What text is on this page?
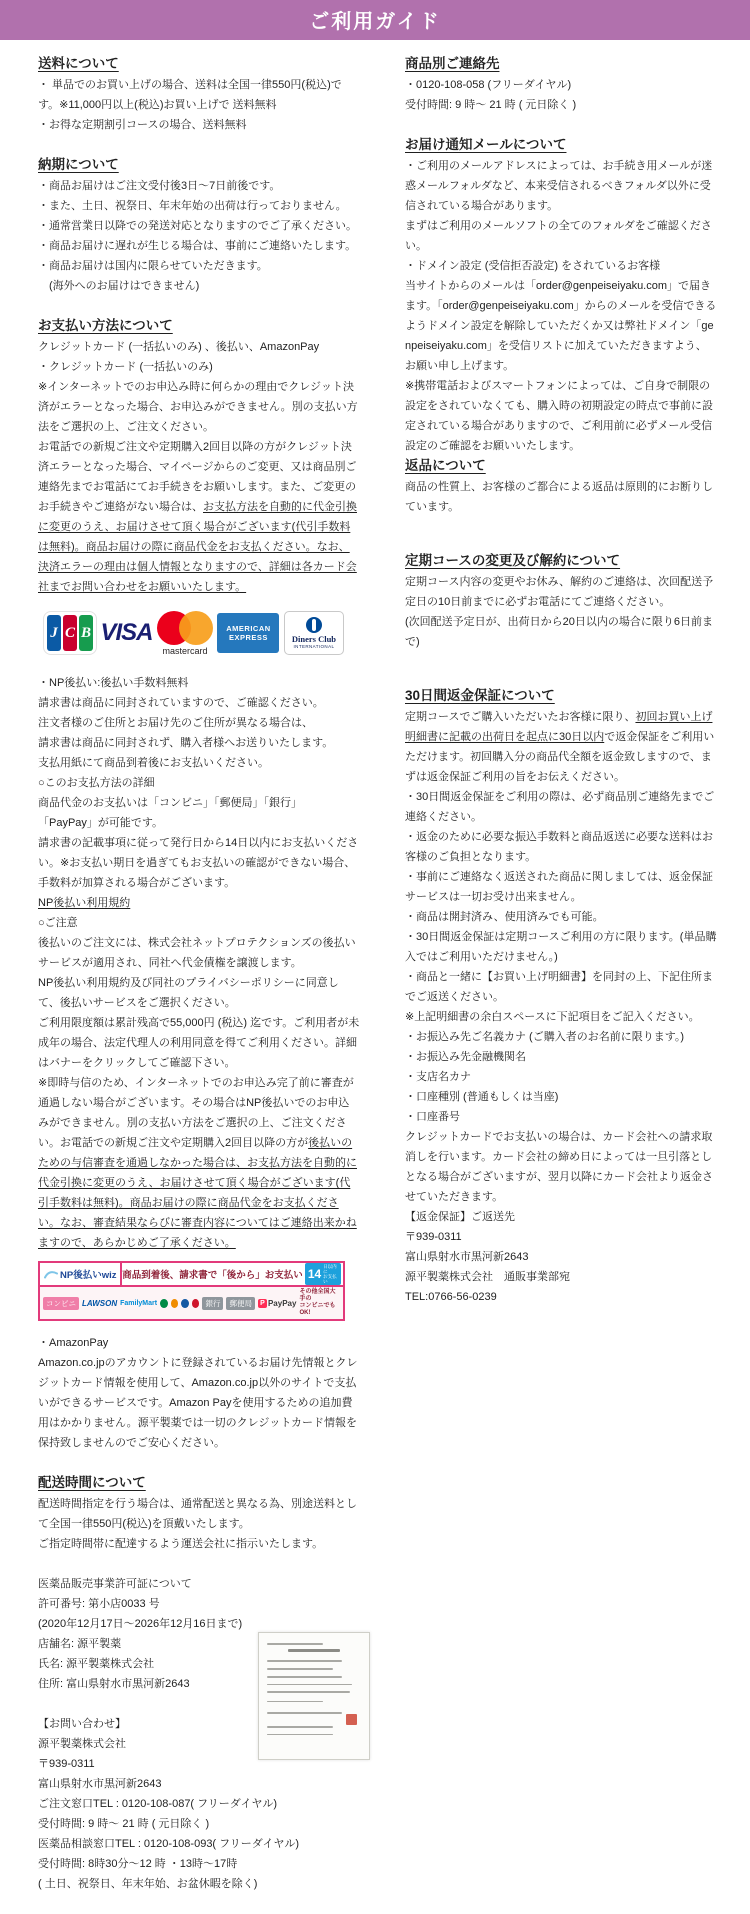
ご利用ガイド
送料について
・ 単品でのお買い上げの場合、送料は全国一律550円(税込)です。※11,000円以上(税込)お買い上げで 送料無料
・お得な定期割引コースの場合、送料無料
納期について
・商品お届けはご注文受付後3日〜7日前後です。
・また、土日、祝祭日、年末年始の出荷は行っておりません。
・通常営業日以降での発送対応となりますのでご了承ください。
・商品お届けに遅れが生じる場合は、事前にご連絡いたします。
・商品お届けは国内に限らせていただきます。
　(海外へのお届けはできません)
お支払い方法について
クレジットカード (一括払いのみ) 、後払い、AmazonPay
・クレジットカード (一括払いのみ)
※インターネットでのお申込み時に何らかの理由でクレジット決済がエラーとなった場合、お申込みができません。別の支払い方法をご選択の上、ご注文ください。

お電話での新規ご注文や定期購入2回目以降の方がクレジット決済エラーとなった場合、マイページからのご変更、又は商品別ご連絡先までお電話にてお手続きをお願いします。また、ご変更のお手続きやご連絡がない場合は、お支払方法を自動的に代金引換に変更のうえ、お届けさせて頂く場合がございます(代引手数料は無料)。商品お届けの際に商品代金をお支払ください。なお、決済エラーの理由は個人情報となりますので、詳細は各カード会社までお問い合わせをお願いいたします。

J C B VISA
mastercard
AMERICAN
EXPRESS	Diners Club
INTERNATIONAL
・NP後払い:後払い手数料無料
請求書は商品に同封されていますので、ご確認ください。
注文者様のご住所とお届け先のご住所が異なる場合は、
請求書は商品に同封されず、購入者様へお送りいたします。
支払用紙にて商品到着後にお支払いください。
○このお支払方法の詳細
商品代金のお支払いは「コンビニ」「郵便局」「銀行」
「PayPay」が可能です。
請求書の記載事項に従って発行日から14日以内にお支払いください。※お支払い期日を過ぎてもお支払いの確認ができない場合、手数料が加算される場合がございます。
NP後払い利用規約
○ご注意
後払いのご注文には、株式会社ネットプロテクションズの後払いサービスが適用され、同社へ代金債権を譲渡します。
NP後払い利用規約及び同社のプライバシーポリシーに同意して、後払いサービスをご選択ください。
ご利用限度額は累計残高で55,000円 (税込) 迄です。ご利用者が未成年の場合、法定代理人の利用同意を得てご利用ください。詳細はバナーをクリックしてご確認下さい。

※即時与信のため、インターネットでのお申込み完了前に審査が通過しない場合がございます。その場合はNP後払いでのお申込みができません。別の支払い方法をご選択の上、ご注文ください。お電話での新規ご注文や定期購入2回目以降の方が後払いのための与信審査を通過しなかった場合は、お支払方法を自動的に代金引換に変更のうえ、お届けさせて頂く場合がございます(代引手数料は無料)。商品お届けの際に商品代金をお支払ください。なお、審査結果ならびに審査内容についてはご連絡出来かねますので、あらかじめご了承ください。

NP後払いwiz 商品到着後、請求書で「後から」お支払い 14
日以内に
お支払い
コンビニ LAWSON FamilyMart	銀行	郵便局	P PayPay
その他全国大手の
コンビニでもOK!
・AmazonPay

Amazon.co.jpのアカウントに登録されているお届け先情報とクレジットカード情報を使用して、Amazon.co.jp以外のサイトで支払いができるサービスです。Amazon Payを使用するための追加費用はかかりません。源平製薬では一切のクレジットカード情報を保持致しませんのでご安心ください。

配送時間について
配送時間指定を行う場合は、通常配送と異なる為、別途送料として全国一律550円(税込)を頂戴いたします。
ご指定時間帯に配達するよう運送会社に指示いたします。
医薬品販売事業許可証について
許可番号: 第小店0033 号
(2020年12月17日〜2026年12月16日まで)
店舗名: 源平製薬
氏名: 源平製薬株式会社
住所: 富山県射水市黒河新2643
【お問い合わせ】
源平製薬株式会社
〒939-0311
富山県射水市黒河新2643
ご注文窓口TEL : 0120-108-087( フリーダイヤル)
受付時間: 9 時〜 21 時 ( 元日除く )
医薬品相談窓口TEL : 0120-108-093( フリーダイヤル)
受付時間: 8時30分〜12 時 ・13時〜17時
( 土日、祝祭日、年末年始、お盆休暇を除く)
商品別ご連絡先
・0120-108-058 (フリーダイヤル)
受付時間: 9 時〜 21 時 ( 元日除く )
お届け通知メールについて
・ご利用のメールアドレスによっては、お手続き用メールが迷惑メールフォルダなど、本来受信されるべきフォルダ以外に受信されている場合があります。
まずはご利用のメールソフトの全てのフォルダをご確認ください。
・ドメイン設定 (受信拒否設定) をされているお客様
当サイトからのメールは「order@genpeiseiyaku.com」で届きます。「order@genpeiseiyaku.com」からのメールを受信できるようドメイン設定を解除していただくか又は弊社ドメイン「genpeiseiyaku.com」を受信リストに加えていただきますよう、お願い申し上げます。
※携帯電話およびスマートフォンによっては、ご自身で制限の設定をされていなくても、購入時の初期設定の時点で事前に設定されている場合がありますので、ご利用前に必ずメール受信設定のご確認をお願いいたします。
返品について
商品の性質上、お客様のご都合による返品は原則的にお断りしています。
定期コースの変更及び解約について
定期コース内容の変更やお休み、解約のご連絡は、次回配送予定日の10日前までに必ずお電話にてご連絡ください。
(次回配送予定日が、出荷日から20日以内の場合に限り6日前まで)
30日間返金保証について

定期コースでご購入いただいたお客様に限り、初回お買い上げ明細書に記載の出荷日を起点に30日以内で返金保証をご利用いただけます。初回購入分の商品代全額を返金致しますので、まずは返金保証ご利用の旨をお伝えください。

・30日間返金保証をご利用の際は、必ず商品別ご連絡先までご連絡ください。
・返金のために必要な振込手数料と商品返送に必要な送料はお客様のご負担となります。
・事前にご連絡なく返送された商品に関しましては、返金保証サービスは一切お受け出来ません。
・商品は開封済み、使用済みでも可能。
・30日間返金保証は定期コースご利用の方に限ります。(単品購入ではご利用いただけません。)
・商品と一緒に【お買い上げ明細書】を同封の上、下記住所までご返送ください。
※上記明細書の余白スペースに下記項目をご記入ください。
・お振込み先ご名義カナ (ご購入者のお名前に限ります。)
・お振込み先金融機関名
・支店名カナ
・口座種別 (普通もしくは当座)
・口座番号
クレジットカードでお支払いの場合は、カード会社への請求取消しを行います。カード会社の締め日によっては一旦引落としとなる場合がございますが、翌月以降にカード会社より返金させていただきます。
【返金保証】ご返送先
〒939-0311
富山県射水市黒河新2643
源平製薬株式会社　通販事業部宛
TEL:0766-56-0239
